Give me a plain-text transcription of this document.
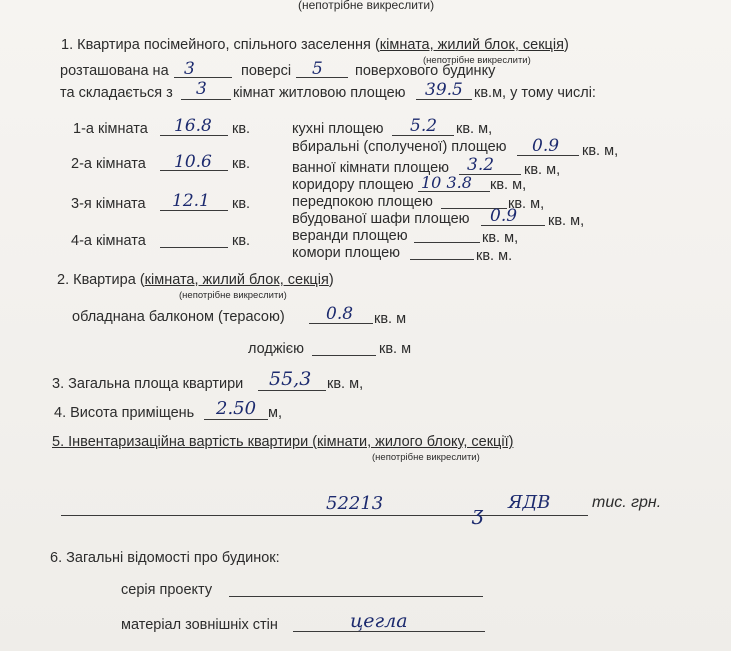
(непотрібне викреслити)
1. Квартира посімейного, спільного заселення (кімната, жилий блок, секція)
(непотрібне викреслити)
розташована на 3	поверсі 5 поверхового будинку
та складається з 3 кімнат житловою площею 39.5 кв.м, у тому числі:
1-а кімната 16.8 кв.
2-а кімната 10.6 кв.
3-я кімната 12.1 кв.
4-а кімната	кв.
кухні площею 5.2 кв. м,
вбиральні (сполученої) площею 0.9 кв. м,
ванної кімнати площею 3.2 кв. м,
коридору площею 10 3.8 кв. м,
передпокою площею	кв. м,
вбудованої шафи площею 0.9 кв. м,
веранди площею	кв. м,
комори площею	кв. м.
2. Квартира (кімната, жилий блок, секція)
(непотрібне викреслити)
обладнана балконом (терасою) 0.8 кв. м
лоджією	кв. м
3. Загальна площа квартири 55,3 кв. м,
4. Висота приміщень 2.50 м,
5. Інвентаризаційна вартість квартири (кімнати, жилого блоку, секції)
(непотрібне викреслити)
52213	ʒ ЯДВ	тис. грн.
6. Загальні відомості про будинок:
серія проекту
матеріал зовнішніх стін	цегла
